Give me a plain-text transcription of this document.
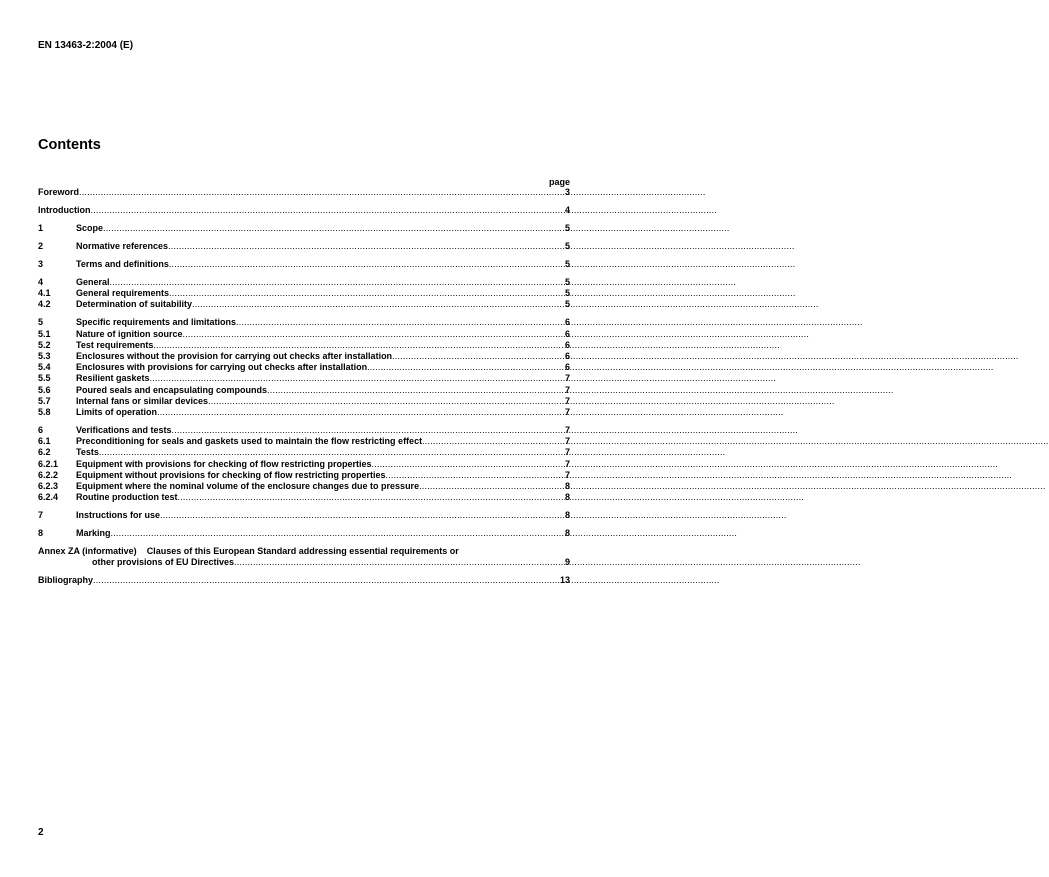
EN 13463-2:2004 (E)
Contents
page
Foreword .....	3
Introduction .....	4
1	Scope .....	5
2	Normative references .....	5
3	Terms and definitions .....	5
4	General .....	5
4.1	General requirements .....	5
4.2	Determination of suitability .....	5
5	Specific requirements and limitations .....	6
5.1	Nature of ignition source .....	6
5.2	Test requirements .....	6
5.3	Enclosures without the provision for carrying out checks after installation .....	6
5.4	Enclosures with provisions for carrying out checks after installation .....	6
5.5	Resilient gaskets .....	7
5.6	Poured seals and encapsulating compounds .....	7
5.7	Internal fans or similar devices .....	7
5.8	Limits of operation .....	7
6	Verifications and tests .....	7
6.1	Preconditioning for seals and gaskets used to maintain the flow restricting effect .....	7
6.2	Tests .....	7
6.2.1	Equipment with provisions for checking of flow restricting properties .....	7
6.2.2	Equipment without provisions for checking of flow restricting properties .....	7
6.2.3	Equipment where the nominal volume of the enclosure changes due to pressure .....	8
6.2.4	Routine production test .....	8
7	Instructions for use .....	8
8	Marking .....	8
Annex ZA (informative) Clauses of this European Standard addressing essential requirements or
other provisions of EU Directives .....	9
Bibliography .....	13
2
